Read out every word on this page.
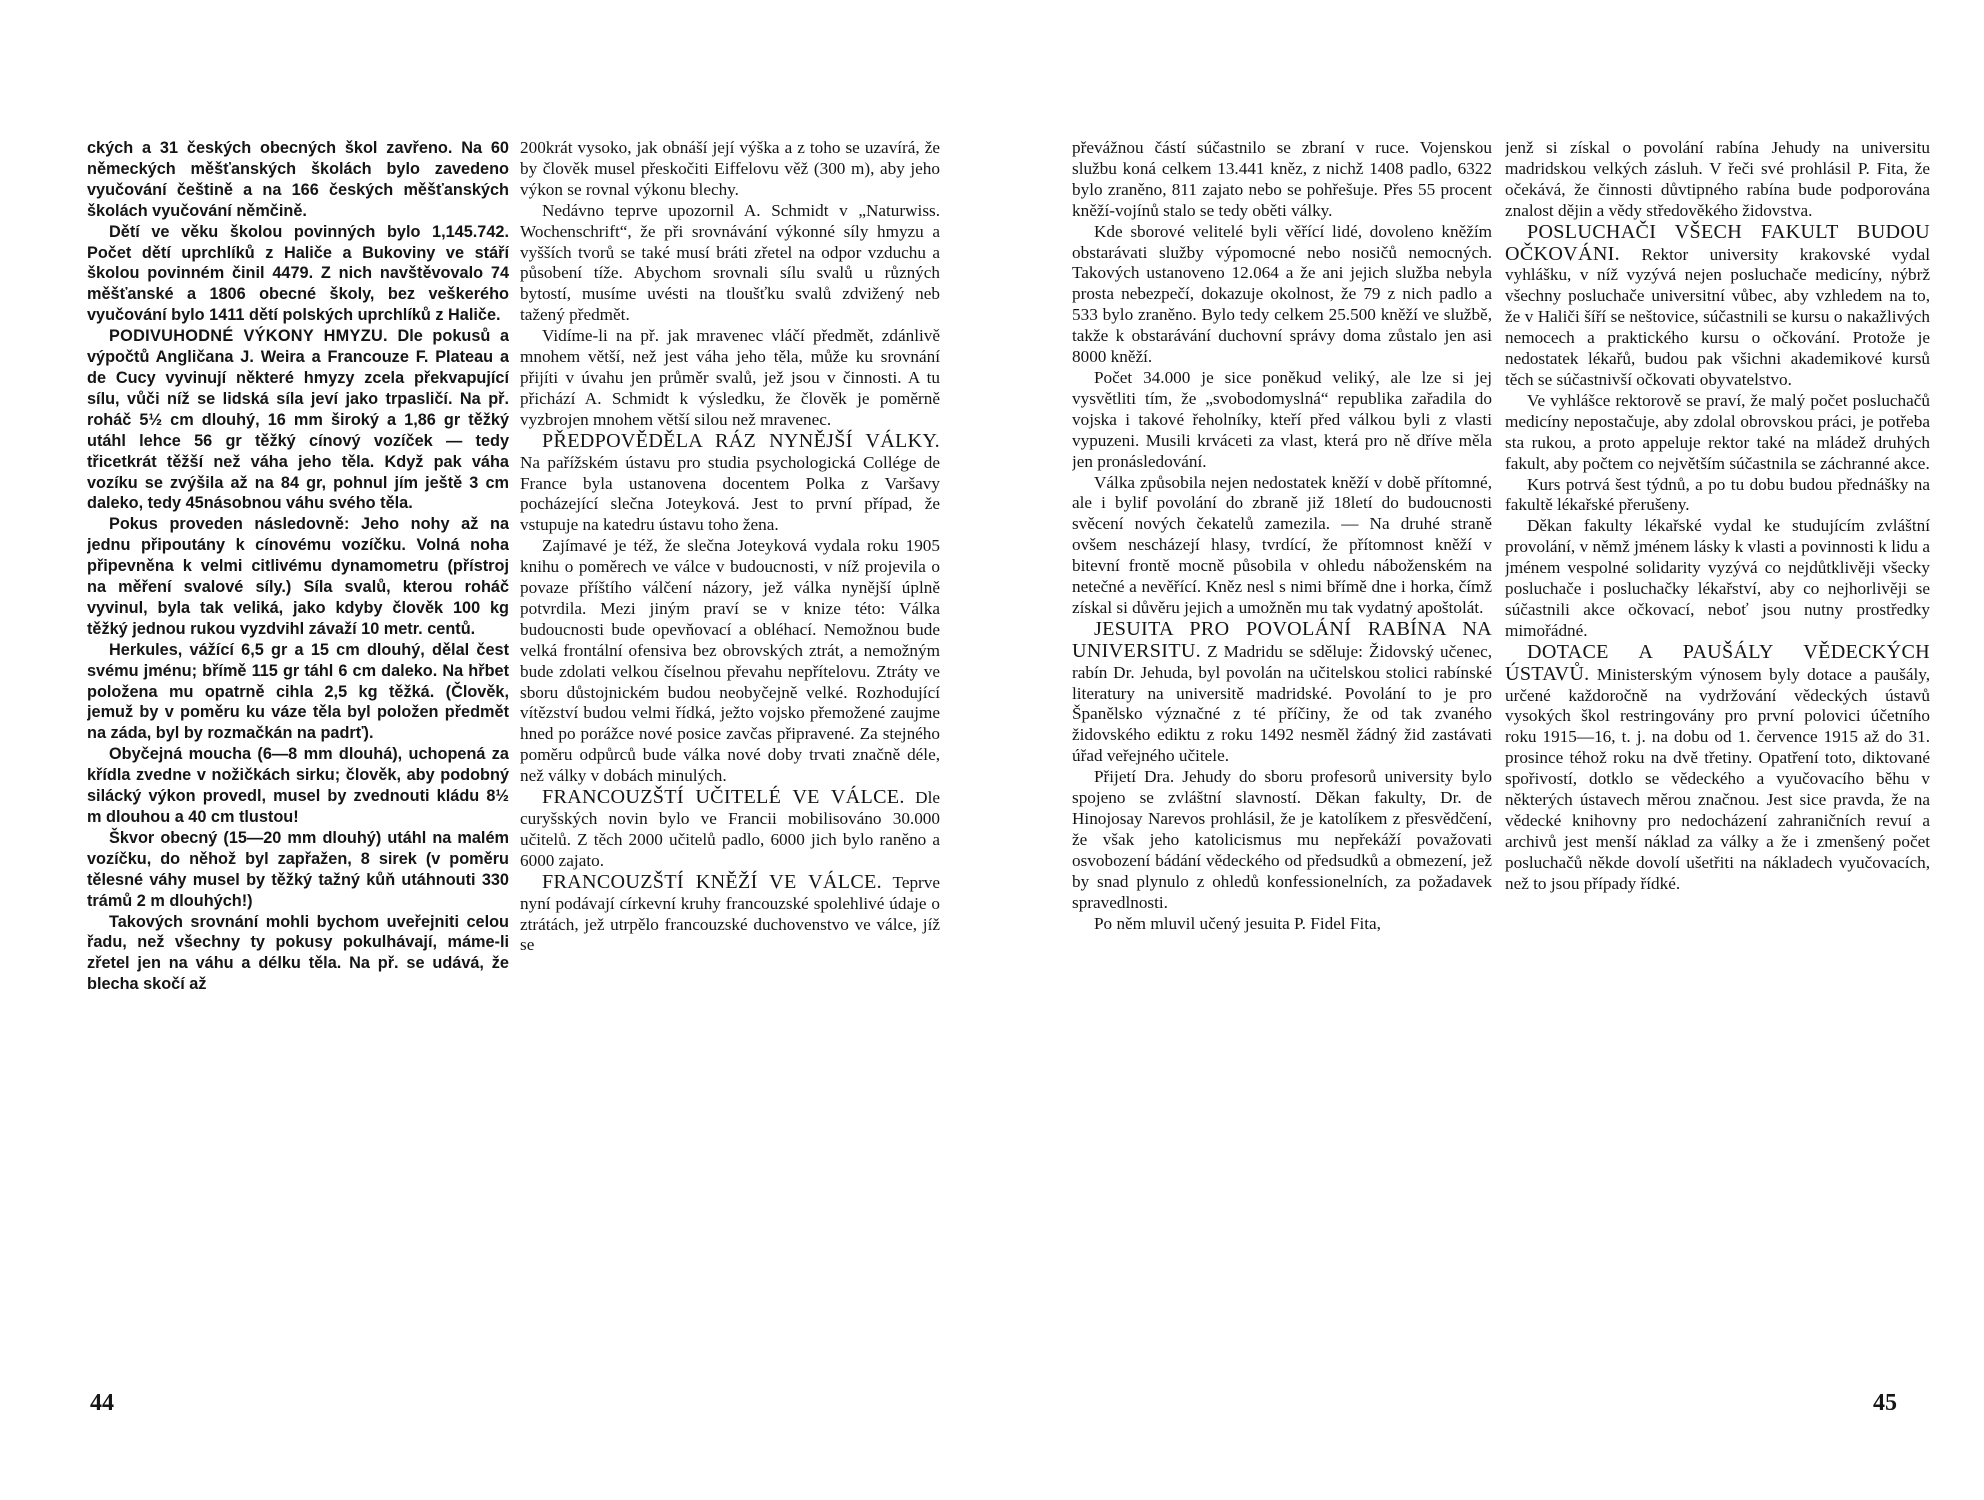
ckých a 31 českých obecných škol zavřeno. Na 60 německých měšťanských školách bylo zavedeno vyučování češtině a na 166 českých měšťanských školách vyučování němčině.

Dětí ve věku školou povinných bylo 1,145.742. Počet dětí uprchlíků z Haliče a Bukoviny ve stáří školou povinném činil 4479. Z nich navštěvovalo 74 měšťanské a 1806 obecné školy, bez veškerého vyučování bylo 1411 dětí polských uprchlíků z Haliče.

PODIVUHODNÉ VÝKONY HMYZU. Dle pokusů a výpočtů Angličana J. Weira a Francouze F. Plateau a de Cucy vyvinují některé hmyzy zcela překvapující sílu, vůči níž se lidská síla jeví jako trpasličí. Na př. roháč 5½ cm dlouhý, 16 mm široký a 1,86 gr těžký utáhl lehce 56 gr těžký cínový vozíček — tedy třicetkrát těžší než váha jeho těla. Když pak váha vozíku se zvýšila až na 84 gr, pohnul jím ještě 3 cm daleko, tedy 45násobnou váhu svého těla.

Pokus proveden následovně: Jeho nohy až na jednu připoutány k cínovému vozíčku. Volná noha připevněna k velmi citlivému dynamometru (přístroj na měření svalové síly.) Síla svalů, kterou roháč vyvinul, byla tak veliká, jako kdyby člověk 100 kg těžký jednou rukou vyzdvihl závaží 10 metr. centů.

Herkules, vážící 6,5 gr a 15 cm dlouhý, dělal čest svému jménu; břímě 115 gr táhl 6 cm daleko. Na hřbet položena mu opatrně cihla 2,5 kg těžká. (Člověk, jemuž by v poměru ku váze těla byl položen předmět na záda, byl by rozmačkán na padrť).

Obyčejná moucha (6—8 mm dlouhá), uchopená za křídla zvedne v nožičkách sirku; člověk, aby podobný silácký výkon provedl, musel by zvednouti kládu 8½ m dlouhou a 40 cm tlustou!

Škvor obecný (15—20 mm dlouhý) utáhl na malém vozíčku, do něhož byl zapřažen, 8 sirek (v poměru tělesné váhy musel by těžký tažný kůň utáhnouti 330 trámů 2 m dlouhých!)

Takových srovnání mohli bychom uveřejniti celou řadu, než všechny ty pokusy pokulhávají, máme-li zřetel jen na váhu a délku těla. Na př. se udává, že blecha skočí až

200krát vysoko, jak obnáší její výška a z toho se uzavírá, že by člověk musel přeskočiti Eiffelovu věž (300 m), aby jeho výkon se rovnal výkonu blechy.

Nedávno teprve upozornil A. Schmidt v „Naturwiss. Wochenschrift“, že při srovnávání výkonné síly hmyzu a vyšších tvorů se také musí bráti zřetel na odpor vzduchu a působení tíže. Abychom srovnali sílu svalů u různých bytostí, musíme uvésti na tloušťku svalů zdvižený neb tažený předmět.

Vidíme-li na př. jak mravenec vláčí předmět, zdánlivě mnohem větší, než jest váha jeho těla, může ku srovnání přijíti v úvahu jen průměr svalů, jež jsou v činnosti. A tu přichází A. Schmidt k výsledku, že člověk je poměrně vyzbrojen mnohem větší silou než mravenec.

PŘEDPOVĚDĚLA RÁZ NYNĚJŠÍ VÁLKY. Na pařížském ústavu pro studia psychologická Collége de France byla ustanovena docentem Polka z Varšavy pocházející slečna Joteyková. Jest to první případ, že vstupuje na katedru ústavu toho žena.

Zajímavé je též, že slečna Joteyková vydala roku 1905 knihu o poměrech ve válce v budoucnosti, v níž projevila o povaze příštího válčení názory, jež válka nynější úplně potvrdila. Mezi jiným praví se v knize této: Válka budoucnosti bude opevňovací a obléhací. Nemožnou bude velká frontální ofensiva bez obrovských ztrát, a nemožným bude zdolati velkou číselnou převahu nepřítelovu. Ztráty ve sboru důstojnickém budou neobyčejně velké. Rozhodující vítězství budou velmi řídká, ježto vojsko přemožené zaujme hned po porážce nové posice zavčas připravené. Za stejného poměru odpůrců bude válka nové doby trvati značně déle, než války v dobách minulých.

FRANCOUZŠTÍ UČITELÉ VE VÁLCE. Dle curyšských novin bylo ve Francii mobilisováno 30.000 učitelů. Z těch 2000 učitelů padlo, 6000 jich bylo raněno a 6000 zajato.

FRANCOUZŠTÍ KNĚŽÍ VE VÁLCE. Teprve nyní podávají církevní kruhy francouzské spolehlivé údaje o ztrátách, jež utrpělo francouzské duchovenstvo ve válce, jíž se

převážnou částí súčastnilo se zbraní v ruce. Vojenskou službu koná celkem 13.441 kněz, z nichž 1408 padlo, 6322 bylo zraněno, 811 zajato nebo se pohřešuje. Přes 55 procent kněží-vojínů stalo se tedy oběti války.

Kde sborové velitelé byli věřící lidé, dovoleno kněžím obstarávati služby výpomocné nebo nosičů nemocných. Takových ustanoveno 12.064 a že ani jejich služba nebyla prosta nebezpečí, dokazuje okolnost, že 79 z nich padlo a 533 bylo zraněno. Bylo tedy celkem 25.500 kněží ve službě, takže k obstarávání duchovní správy doma zůstalo jen asi 8000 kněží.

Počet 34.000 je sice poněkud veliký, ale lze si jej vysvětliti tím, že „svobodomyslná“ republika zařadila do vojska i takové řeholníky, kteří před válkou byli z vlasti vypuzeni. Musili krváceti za vlast, která pro ně dříve měla jen pronásledování.

Válka způsobila nejen nedostatek kněží v době přítomné, ale i bylif povolání do zbraně již 18letí do budoucnosti svěcení nových čekatelů zamezila. — Na druhé straně ovšem nescházejí hlasy, tvrdící, že přítomnost kněží v bitevní frontě mocně působila v ohledu náboženském na netečné a nevěřící. Kněz nesl s nimi břímě dne i horka, čímž získal si důvěru jejich a umožněn mu tak vydatný apoštolát.

JESUITA PRO POVOLÁNÍ RABÍNA NA UNIVERSITU. Z Madridu se sděluje: Židovský učenec, rabín Dr. Jehuda, byl povolán na učitelskou stolici rabínské literatury na universitě madridské. Povolání to je pro Španělsko význačné z té příčiny, že od tak zvaného židovského ediktu z roku 1492 nesměl žádný žid zastávati úřad veřejného učitele.

Přijetí Dra. Jehudy do sboru profesorů university bylo spojeno se zvláštní slavností. Děkan fakulty, Dr. de Hinojosay Narevos prohlásil, že je katolíkem z přesvědčení, že však jeho katolicismus mu nepřekáží považovati osvobození bádání vědeckého od předsudků a obmezení, jež by snad plynulo z ohledů konfessionelních, za požadavek spravedlnosti.

Po něm mluvil učený jesuita P. Fidel Fita,

jenž si získal o povolání rabína Jehudy na universitu madridskou velkých zásluh. V řeči své prohlásil P. Fita, že očekává, že činnosti důvtipného rabína bude podporována znalost dějin a vědy středověkého židovstva.

POSLUCHAČI VŠECH FAKULT BUDOU OČKOVÁNI. Rektor university krakovské vydal vyhlášku, v níž vyzývá nejen posluchače medicíny, nýbrž všechny posluchače universitní vůbec, aby vzhledem na to, že v Haliči šíří se neštovice, súčastnili se kursu o nakažlivých nemocech a praktického kursu o očkování. Protože je nedostatek lékařů, budou pak všichni akademikové kursů těch se súčastnivší očkovati obyvatelstvo.

Ve vyhlášce rektorově se praví, že malý počet posluchačů medicíny nepostačuje, aby zdolal obrovskou práci, je potřeba sta rukou, a proto appeluje rektor také na mládež druhých fakult, aby počtem co největším súčastnila se záchranné akce.

Kurs potrvá šest týdnů, a po tu dobu budou přednášky na fakultě lékařské přerušeny.

Děkan fakulty lékařské vydal ke studujícím zvláštní provolání, v němž jménem lásky k vlasti a povinnosti k lidu a jménem vespolné solidarity vyzývá co nejdůtklivěji všecky posluchače i posluchačky lékařství, aby co nejhorlivěji se súčastnili akce očkovací, neboť jsou nutny prostředky mimořádné.

DOTACE A PAUŠÁLY VĚDECKÝCH ÚSTAVŮ. Ministerským výnosem byly dotace a paušály, určené každoročně na vydržování vědeckých ústavů vysokých škol restringovány pro první polovici účetního roku 1915—16, t. j. na dobu od 1. července 1915 až do 31. prosince téhož roku na dvě třetiny. Opatření toto, diktované spořivostí, dotklo se vědeckého a vyučovacího běhu v některých ústavech měrou značnou. Jest sice pravda, že na vědecké knihovny pro nedocházení zahraničních revuí a archivů jest menší náklad za války a že i zmenšený počet posluchačů někde dovolí ušetřiti na nákladech vyučovacích, než to jsou případy řídké.

44	45
